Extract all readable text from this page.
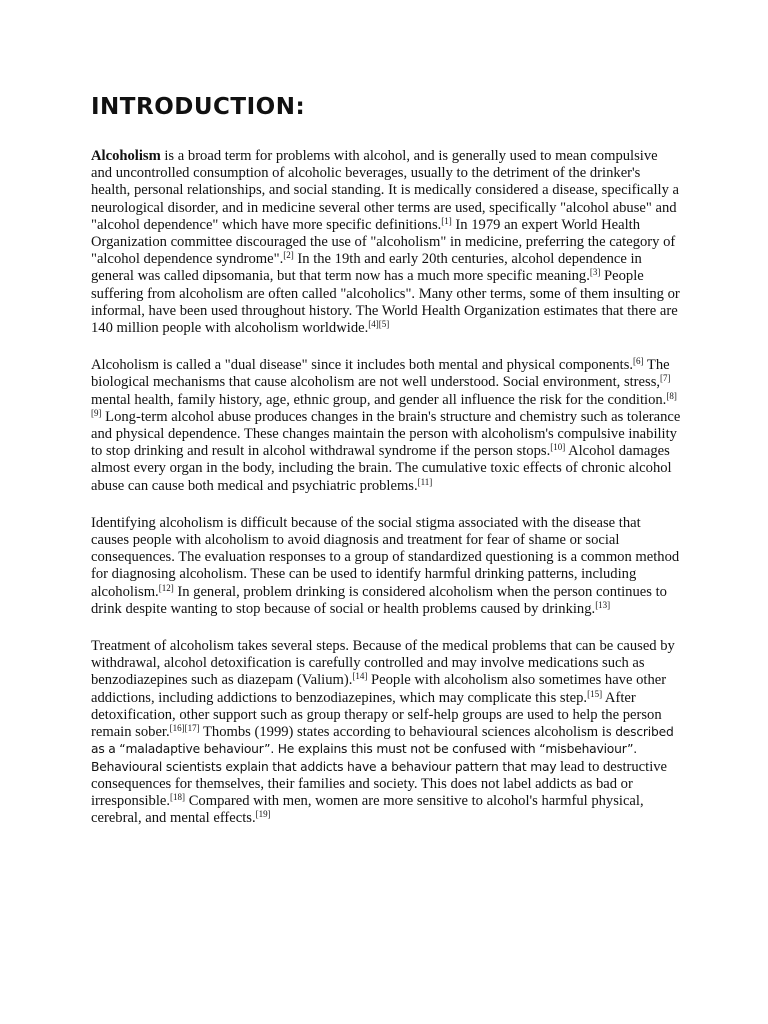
INTRODUCTION:

Alcoholism is a broad term for problems with alcohol, and is generally used to mean compulsive and uncontrolled consumption of alcoholic beverages, usually to the detriment of the drinker's health, personal relationships, and social standing. It is medically considered a disease, specifically a neurological disorder, and in medicine several other terms are used, specifically "alcohol abuse" and "alcohol dependence" which have more specific definitions.[1] In 1979 an expert World Health Organization committee discouraged the use of "alcoholism" in medicine, preferring the category of "alcohol dependence syndrome".[2] In the 19th and early 20th centuries, alcohol dependence in general was called dipsomania, but that term now has a much more specific meaning.[3] People suffering from alcoholism are often called "alcoholics". Many other terms, some of them insulting or informal, have been used throughout history. The World Health Organization estimates that there are 140 million people with alcoholism worldwide.[4][5]

Alcoholism is called a "dual disease" since it includes both mental and physical components.[6] The biological mechanisms that cause alcoholism are not well understood. Social environment, stress,[7] mental health, family history, age, ethnic group, and gender all influence the risk for the condition.[8][9] Long-term alcohol abuse produces changes in the brain's structure and chemistry such as tolerance and physical dependence. These changes maintain the person with alcoholism's compulsive inability to stop drinking and result in alcohol withdrawal syndrome if the person stops.[10] Alcohol damages almost every organ in the body, including the brain. The cumulative toxic effects of chronic alcohol abuse can cause both medical and psychiatric problems.[11]

Identifying alcoholism is difficult because of the social stigma associated with the disease that causes people with alcoholism to avoid diagnosis and treatment for fear of shame or social consequences. The evaluation responses to a group of standardized questioning is a common method for diagnosing alcoholism. These can be used to identify harmful drinking patterns, including alcoholism.[12] In general, problem drinking is considered alcoholism when the person continues to drink despite wanting to stop because of social or health problems caused by drinking.[13]

Treatment of alcoholism takes several steps. Because of the medical problems that can be caused by withdrawal, alcohol detoxification is carefully controlled and may involve medications such as benzodiazepines such as diazepam (Valium).[14] People with alcoholism also sometimes have other addictions, including addictions to benzodiazepines, which may complicate this step.[15] After detoxification, other support such as group therapy or self-help groups are used to help the person remain sober.[16][17] Thombs (1999) states according to behavioural sciences alcoholism is described as a “maladaptive behaviour”. He explains this must not be confused with “misbehaviour”. Behavioural scientists explain that addicts have a behaviour pattern that may lead to destructive consequences for themselves, their families and society. This does not label addicts as bad or irresponsible.[18] Compared with men, women are more sensitive to alcohol's harmful physical, cerebral, and mental effects.[19]
